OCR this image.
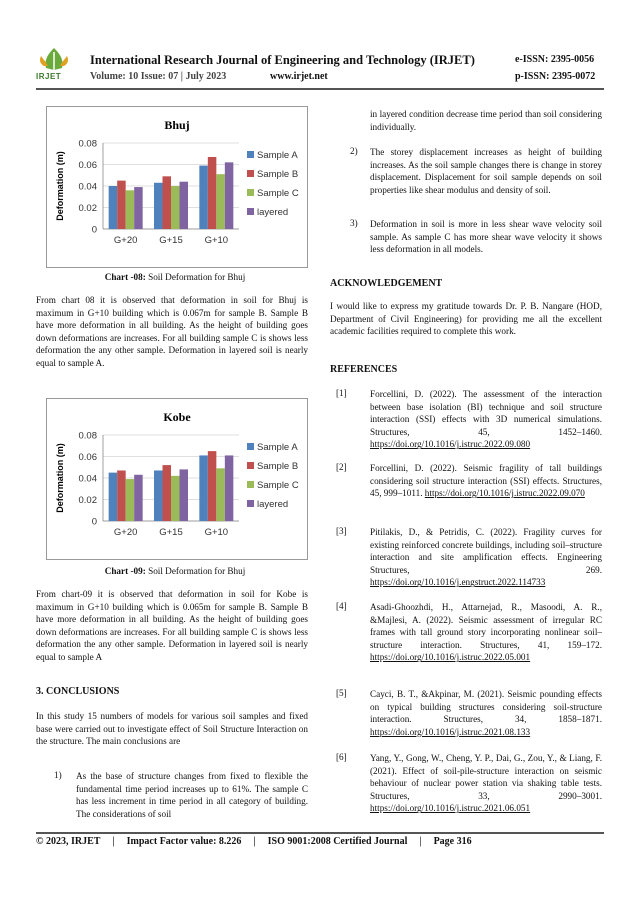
IRJET
International Research Journal of Engineering and Technology (IRJET)	e-ISSN: 2395-0056
Volume: 10 Issue: 07 | July 2023	www.irjet.net	p-ISSN: 2395-0072
Bhuj
0
0.02
0.04
0.06
0.08
Deformation (m)
G+20 G+15 G+10
Sample A
Sample B
Sample C
layered
Chart -08: Soil Deformation for Bhuj
From chart 08 it is observed that deformation in soil for Bhuj is maximum in G+10 building which is 0.067m for sample B. Sample B have more deformation in all building. As the height of building goes down deformations are increases. For all building sample C is shows less deformation the any other sample. Deformation in layered soil is nearly equal to sample A.
Kobe
0
0.02
0.04
0.06
0.08
Deformation (m)
G+20 G+15 G+10
Sample A
Sample B
Sample C
layered
Chart -09: Soil Deformation for Bhuj
From chart-09 it is observed that deformation in soil for Kobe is maximum in G+10 building which is 0.065m for sample B. Sample B have more deformation in all building. As the height of building goes down deformations are increases. For all building sample C is shows less deformation the any other sample. Deformation in layered soil is nearly equal to sample A
3. CONCLUSIONS
In this study 15 numbers of models for various soil samples and fixed base were carried out to investigate effect of Soil Structure Interaction on the structure. The main conclusions are
1) As the base of structure changes from fixed to flexible the fundamental time period increases up to 61%. The sample C has less increment in time period in all category of building. The considerations of soil
in layered condition decrease time period than soil considering individually.
2) The storey displacement increases as height of building increases. As the soil sample changes there is change in storey displacement. Displacement for soil sample depends on soil properties like shear modulus and density of soil.
3) Deformation in soil is more in less shear wave velocity soil sample. As sample C has more shear wave velocity it shows less deformation in all models.
ACKNOWLEDGEMENT
I would like to express my gratitude towards Dr. P. B. Nangare (HOD, Department of Civil Engineering) for providing me all the excellent academic facilities required to complete this work.
REFERENCES
[1]	Forcellini, D. (2022). The assessment of the interaction between base isolation (BI) technique and soil structure interaction (SSI) effects with 3D numerical simulations. Structures, 45, 1452–1460. https://doi.org/10.1016/j.istruc.2022.09.080
[2]	Forcellini, D. (2022). Seismic fragility of tall buildings considering soil structure interaction (SSI) effects. Structures, 45, 999–1011. https://doi.org/10.1016/j.istruc.2022.09.070
[3]	Pitilakis, D., & Petridis, C. (2022). Fragility curves for existing reinforced concrete buildings, including soil–structure interaction and site amplification effects. Engineering Structures, 269. https://doi.org/10.1016/j.engstruct.2022.114733
[4]	Asadi-Ghoozhdi, H., Attarnejad, R., Masoodi, A. R., &Majlesi, A. (2022). Seismic assessment of irregular RC frames with tall ground story incorporating nonlinear soil–structure interaction. Structures, 41, 159–172. https://doi.org/10.1016/j.istruc.2022.05.001
[5]	Cayci, B. T., &Akpinar, M. (2021). Seismic pounding effects on typical building structures considering soil-structure interaction. Structures, 34, 1858–1871. https://doi.org/10.1016/j.istruc.2021.08.133
[6]	Yang, Y., Gong, W., Cheng, Y. P., Dai, G., Zou, Y., & Liang, F. (2021). Effect of soil-pile-structure interaction on seismic behaviour of nuclear power station via shaking table tests. Structures, 33, 2990–3001. https://doi.org/10.1016/j.istruc.2021.06.051
© 2023, IRJET | Impact Factor value: 8.226 | ISO 9001:2008 Certified Journal | Page 316
